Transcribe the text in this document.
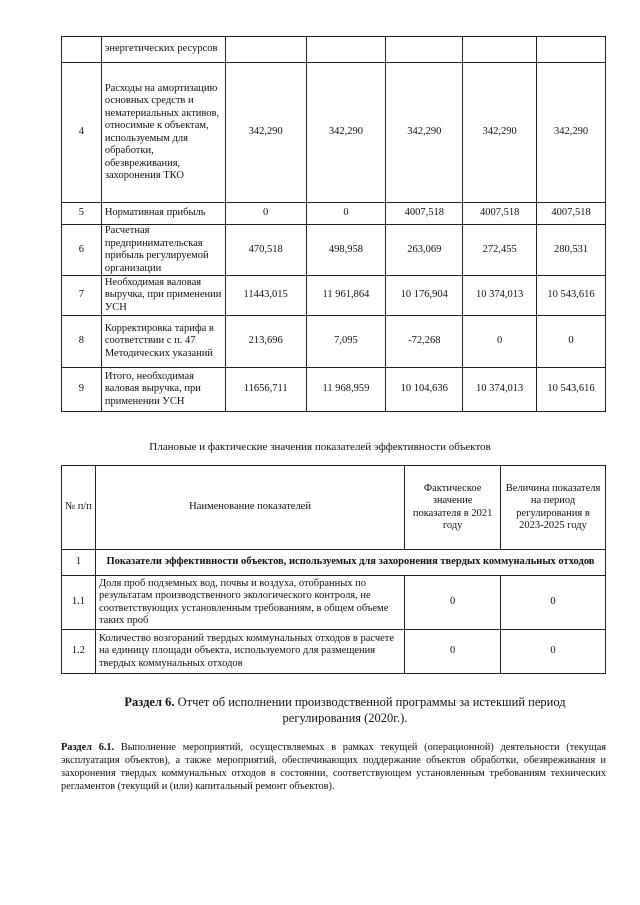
	энергетических ресурсов					
4	Расходы на амортизацию основных средств и нематериальных активов, относимые к объектам, используемым для обработки, обезвреживания, захоронения ТКО	342,290	342,290	342,290	342,290	342,290
5	Нормативная прибыль	0	0	4007,518	4007,518	4007,518
6	Расчетная предпринимательская прибыль регулируемой организации	470,518	498,958	263,069	272,455	280,531
7	Необходимая валовая выручка, при применении УСН	11443,015	11 961,864	10 176,904	10 374,013	10 543,616
8	Корректировка тарифа в соответствии с п. 47 Методических указаний	213,696	7,095	-72,268	0	0
9	Итого, необходимая валовая выручка, при применении УСН	11656,711	11 968,959	10 104,636	10 374,013	10 543,616
Плановые и фактические значения показателей эффективности объектов
№ п/п	Наименование показателей	Фактическое значение показателя в 2021 году	Величина показателя на период регулирования в 2023-2025 году
1	Показатели эффективности объектов, используемых для захоронения твердых коммунальных отходов		
1.1	Доля проб подземных вод, почвы и воздуха, отобранных по результатам производственного экологического контроля, не соответствующих установленным требованиям, в общем объеме таких проб	0	0
1.2	Количество возгораний твердых коммунальных отходов в расчете на единицу площади объекта, используемого для размещения твердых коммунальных отходов	0	0
Раздел 6. Отчет об исполнении производственной программы за истекший период регулирования (2020г.).
Раздел 6.1. Выполнение мероприятий, осуществляемых в рамках текущей (операционной) деятельности (текущая эксплуатация объектов), а также мероприятий, обеспечивающих поддержание объектов обработки, обезвреживания и захоронения твердых коммунальных отходов в состоянии, соответствующем установленным требованиям технических регламентов (текущий и (или) капитальный ремонт объектов).
